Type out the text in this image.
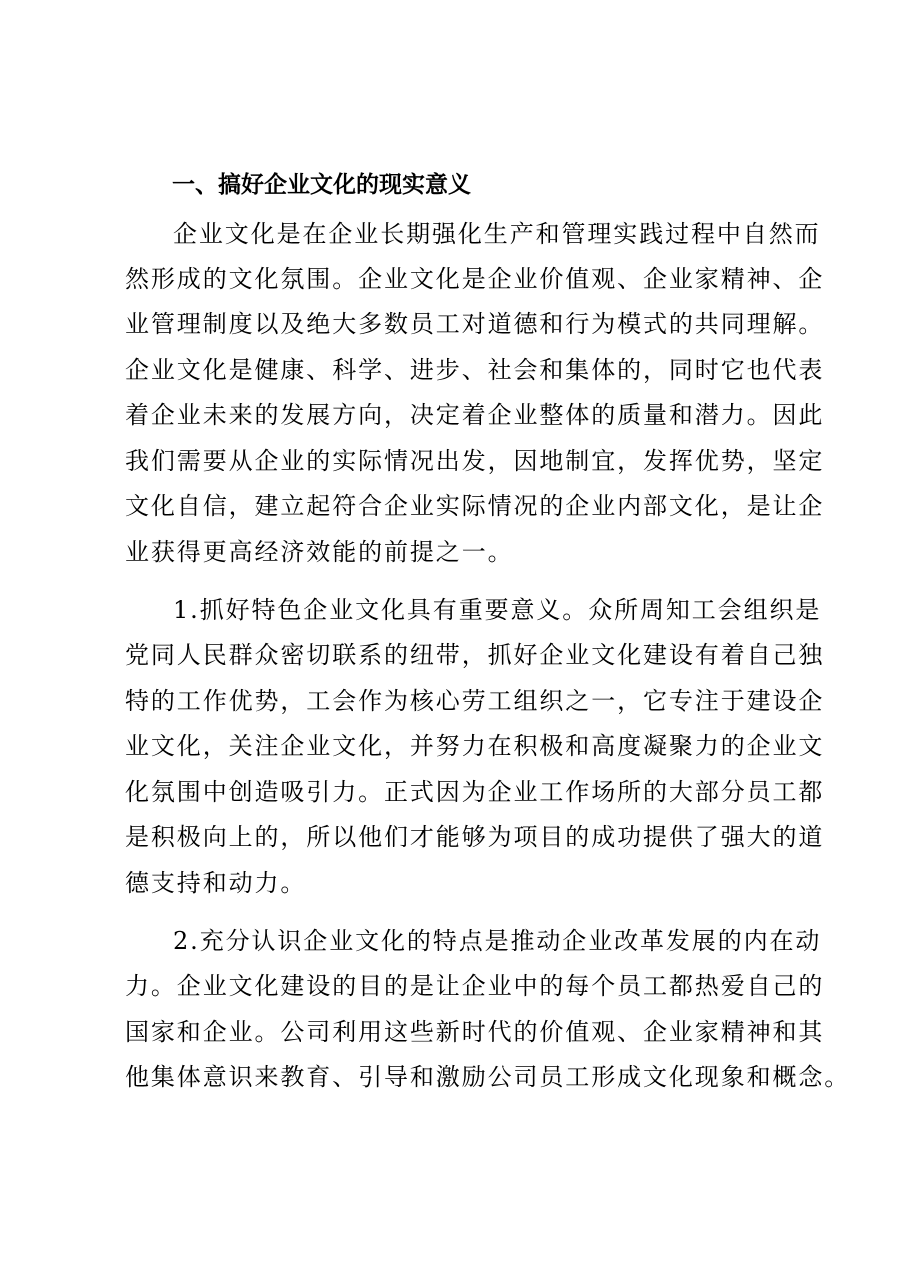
一、搞好企业文化的现实意义
企业文化是在企业长期强化生产和管理实践过程中自然而
然形成的文化氛围。企业文化是企业价值观、企业家精神、企
业管理制度以及绝大多数员工对道德和行为模式的共同理解。
企业文化是健康、科学、进步、社会和集体的，同时它也代表
着企业未来的发展方向，决定着企业整体的质量和潜力。因此
我们需要从企业的实际情况出发，因地制宜，发挥优势，坚定
文化自信，建立起符合企业实际情况的企业内部文化，是让企
业获得更高经济效能的前提之一。
1.抓好特色企业文化具有重要意义。众所周知工会组织是
党同人民群众密切联系的纽带，抓好企业文化建设有着自己独
特的工作优势，工会作为核心劳工组织之一，它专注于建设企
业文化，关注企业文化，并努力在积极和高度凝聚力的企业文
化氛围中创造吸引力。正式因为企业工作场所的大部分员工都
是积极向上的，所以他们才能够为项目的成功提供了强大的道
德支持和动力。
2.充分认识企业文化的特点是推动企业改革发展的内在动
力。企业文化建设的目的是让企业中的每个员工都热爱自己的
国家和企业。公司利用这些新时代的价值观、企业家精神和其
他集体意识来教育、引导和激励公司员工形成文化现象和概念。
